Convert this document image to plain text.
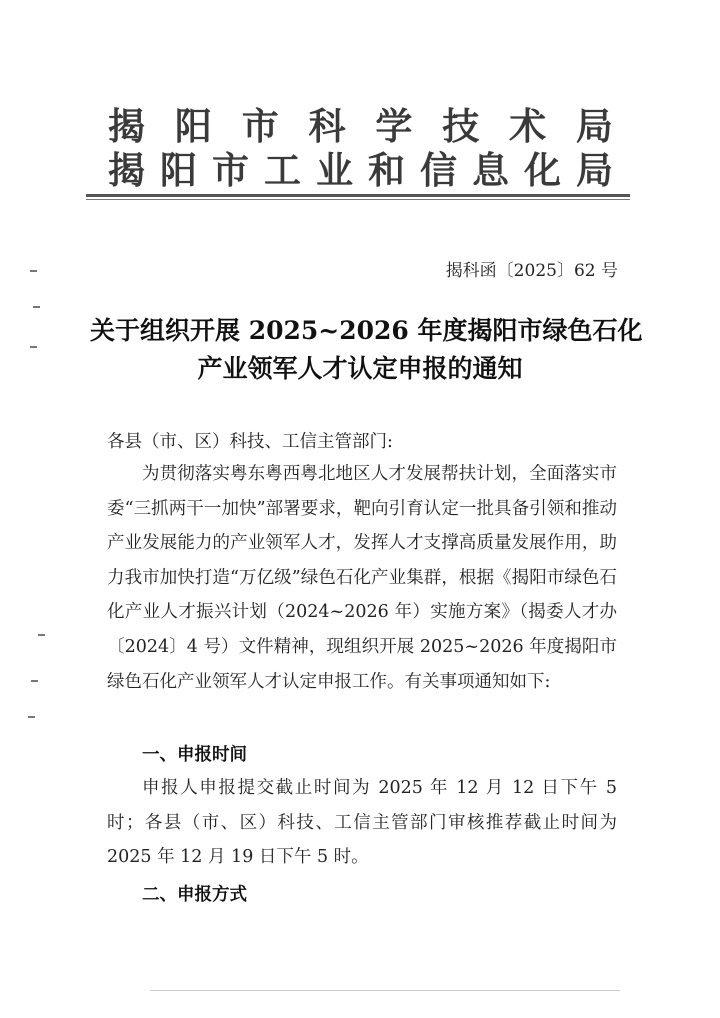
揭 阳 市 科 学 技 术 局
揭 阳 市 工 业 和 信 息 化 局
揭科函〔2025〕62 号
关于组织开展 2025~2026 年度揭阳市绿色石化
产业领军人才认定申报的通知
各县（市、区）科技、工信主管部门:
为贯彻落实粤东粤西粤北地区人才发展帮扶计划，全面落实市委“三抓两干一加快”部署要求，靶向引育认定一批具备引领和推动产业发展能力的产业领军人才，发挥人才支撑高质量发展作用，助力我市加快打造“万亿级”绿色石化产业集群，根据《揭阳市绿色石化产业人才振兴计划（2024~2026 年）实施方案》（揭委人才办〔2024〕4 号）文件精神，现组织开展 2025~2026 年度揭阳市绿色石化产业领军人才认定申报工作。有关事项通知如下:
一、申报时间
申报人申报提交截止时间为 2025 年 12 月 12 日下午 5 时；各县（市、区）科技、工信主管部门审核推荐截止时间为 2025 年 12 月 19 日下午 5 时。
二、申报方式
